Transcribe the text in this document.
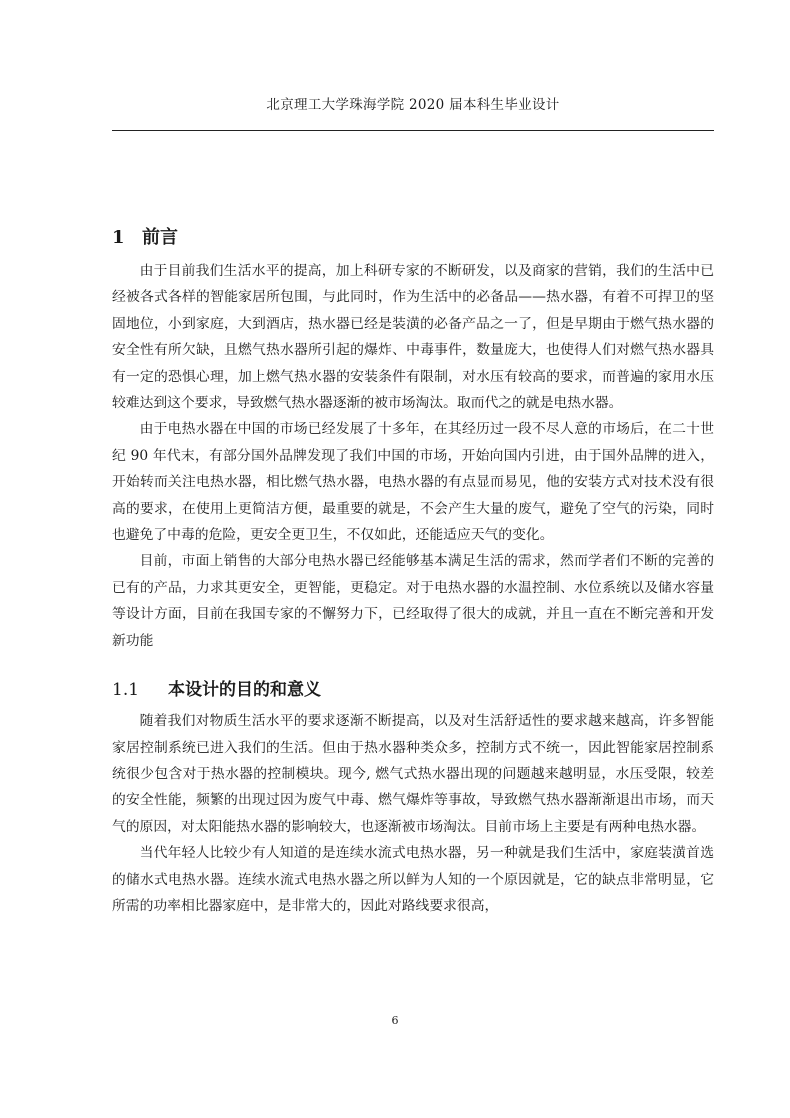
北京理工大学珠海学院 2020 届本科生毕业设计
1 前言

由于目前我们生活水平的提高，加上科研专家的不断研发，以及商家的营销，我们的生活中已经被各式各样的智能家居所包围，与此同时，作为生活中的必备品——热水器，有着不可捍卫的坚固地位，小到家庭，大到酒店，热水器已经是装潢的必备产品之一了，但是早期由于燃气热水器的安全性有所欠缺，且燃气热水器所引起的爆炸、中毒事件，数量庞大，也使得人们对燃气热水器具有一定的恐惧心理，加上燃气热水器的安装条件有限制，对水压有较高的要求，而普遍的家用水压较难达到这个要求，导致燃气热水器逐渐的被市场淘汰。取而代之的就是电热水器。

由于电热水器在中国的市场已经发展了十多年，在其经历过一段不尽人意的市场后，在二十世纪 90 年代末，有部分国外品牌发现了我们中国的市场，开始向国内引进，由于国外品牌的进入，开始转而关注电热水器，相比燃气热水器，电热水器的有点显而易见，他的安装方式对技术没有很高的要求，在使用上更简洁方便，最重要的就是，不会产生大量的废气，避免了空气的污染，同时也避免了中毒的危险，更安全更卫生，不仅如此，还能适应天气的变化。

目前，市面上销售的大部分电热水器已经能够基本满足生活的需求，然而学者们不断的完善的已有的产品，力求其更安全，更智能，更稳定。对于电热水器的水温控制、水位系统以及储水容量等设计方面，目前在我国专家的不懈努力下，已经取得了很大的成就，并且一直在不断完善和开发新功能

1.1 本设计的目的和意义

随着我们对物质生活水平的要求逐渐不断提高，以及对生活舒适性的要求越来越高，许多智能家居控制系统已进入我们的生活。但由于热水器种类众多，控制方式不统一，因此智能家居控制系统很少包含对于热水器的控制模块。现今, 燃气式热水器出现的问题越来越明显，水压受限，较差的安全性能，频繁的出现过因为废气中毒、燃气爆炸等事故，导致燃气热水器渐渐退出市场，而天气的原因，对太阳能热水器的影响较大，也逐渐被市场淘汰。目前市场上主要是有两种电热水器。

当代年轻人比较少有人知道的是连续水流式电热水器，另一种就是我们生活中，家庭装潢首选的储水式电热水器。连续水流式电热水器之所以鲜为人知的一个原因就是，它的缺点非常明显，它所需的功率相比器家庭中，是非常大的，因此对路线要求很高，

6
